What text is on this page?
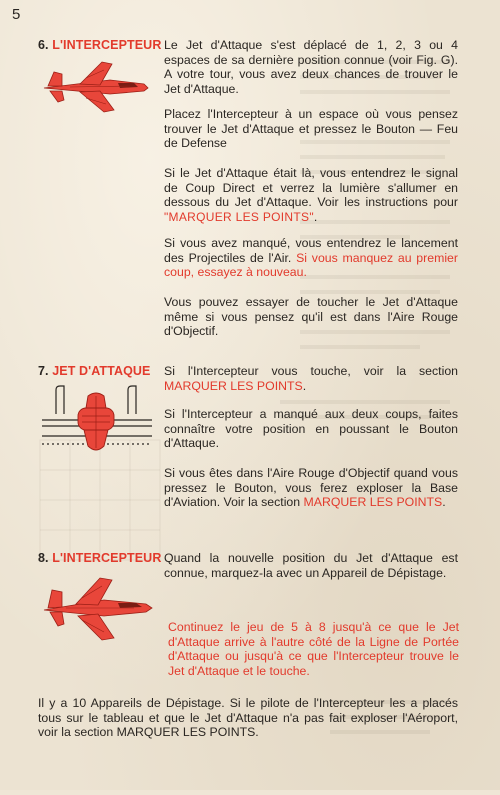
5
6. L'INTERCEPTEUR Le Jet d'Attaque s'est déplacé de 1, 2, 3 ou 4 espaces de sa dernière position connue (voir Fig. G). A votre tour, vous avez deux chances de trouver le Jet d'Attaque.

Placez l'Intercepteur à un espace où vous pensez trouver le Jet d'Attaque et pressez le Bouton — Feu de Defense

Si le Jet d'Attaque était là, vous entendrez le signal de Coup Direct et verrez la lumière s'allumer en dessous du Jet d'Attaque. Voir les instructions pour "MARQUER LES POINTS".

Si vous avez manqué, vous entendrez le lancement des Projectiles de l'Air. Si vous manquez au premier coup, essayez à nouveau.

Vous pouvez essayer de toucher le Jet d'Attaque même si vous pensez qu'il est dans l'Aire Rouge d'Objectif.

7. JET D'ATTAQUE Si l'Intercepteur vous touche, voir la section MARQUER LES POINTS.

Si l'Intercepteur a manqué aux deux coups, faites connaître votre position en poussant le Bouton d'Attaque.

Si vous êtes dans l'Aire Rouge d'Objectif quand vous pressez le Bouton, vous ferez exploser la Base d'Aviation. Voir la section MARQUER LES POINTS.

8. L'INTERCEPTEUR Quand la nouvelle position du Jet d'Attaque est connue, marquez-la avec un Appareil de Dépistage.

Continuez le jeu de 5 à 8 jusqu'à ce que le Jet d'Attaque arrive à l'autre côté de la Ligne de Portée d'Attaque ou jusqu'à ce que l'Intercepteur trouve le Jet d'Attaque et le touche.

Il y a 10 Appareils de Dépistage. Si le pilote de l'Intercepteur les a placés tous sur le tableau et que le Jet d'Attaque n'a pas fait exploser l'Aéroport, voir la section MARQUER LES POINTS.
